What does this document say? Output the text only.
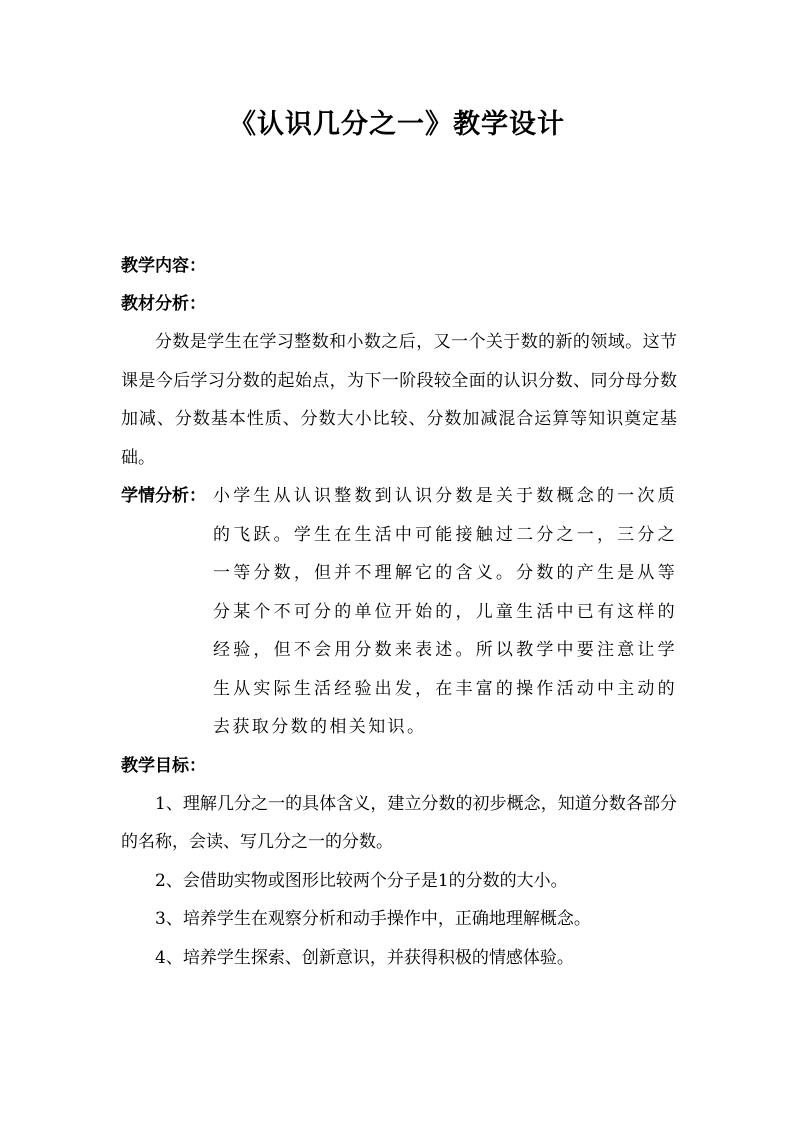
《认识几分之一》教学设计
教学内容：
教材分析：

分数是学生在学习整数和小数之后，又一个关于数的新的领域。这节课是今后学习分数的起始点，为下一阶段较全面的认识分数、同分母分数加减、分数基本性质、分数大小比较、分数加减混合运算等知识奠定基础。

学情分析： 小学生从认识整数到认识分数是关于数概念的一次质的飞跃。学生在生活中可能接触过二分之一，三分之一等分数，但并不理解它的含义。分数的产生是从等分某个不可分的单位开始的，儿童生活中已有这样的经验，但不会用分数来表述。所以教学中要注意让学生从实际生活经验出发，在丰富的操作活动中主动的去获取分数的相关知识。

教学目标：

1、理解几分之一的具体含义，建立分数的初步概念，知道分数各部分的名称，会读、写几分之一的分数。

2、会借助实物或图形比较两个分子是1的分数的大小。

3、培养学生在观察分析和动手操作中，正确地理解概念。

4、培养学生探索、创新意识，并获得积极的情感体验。
